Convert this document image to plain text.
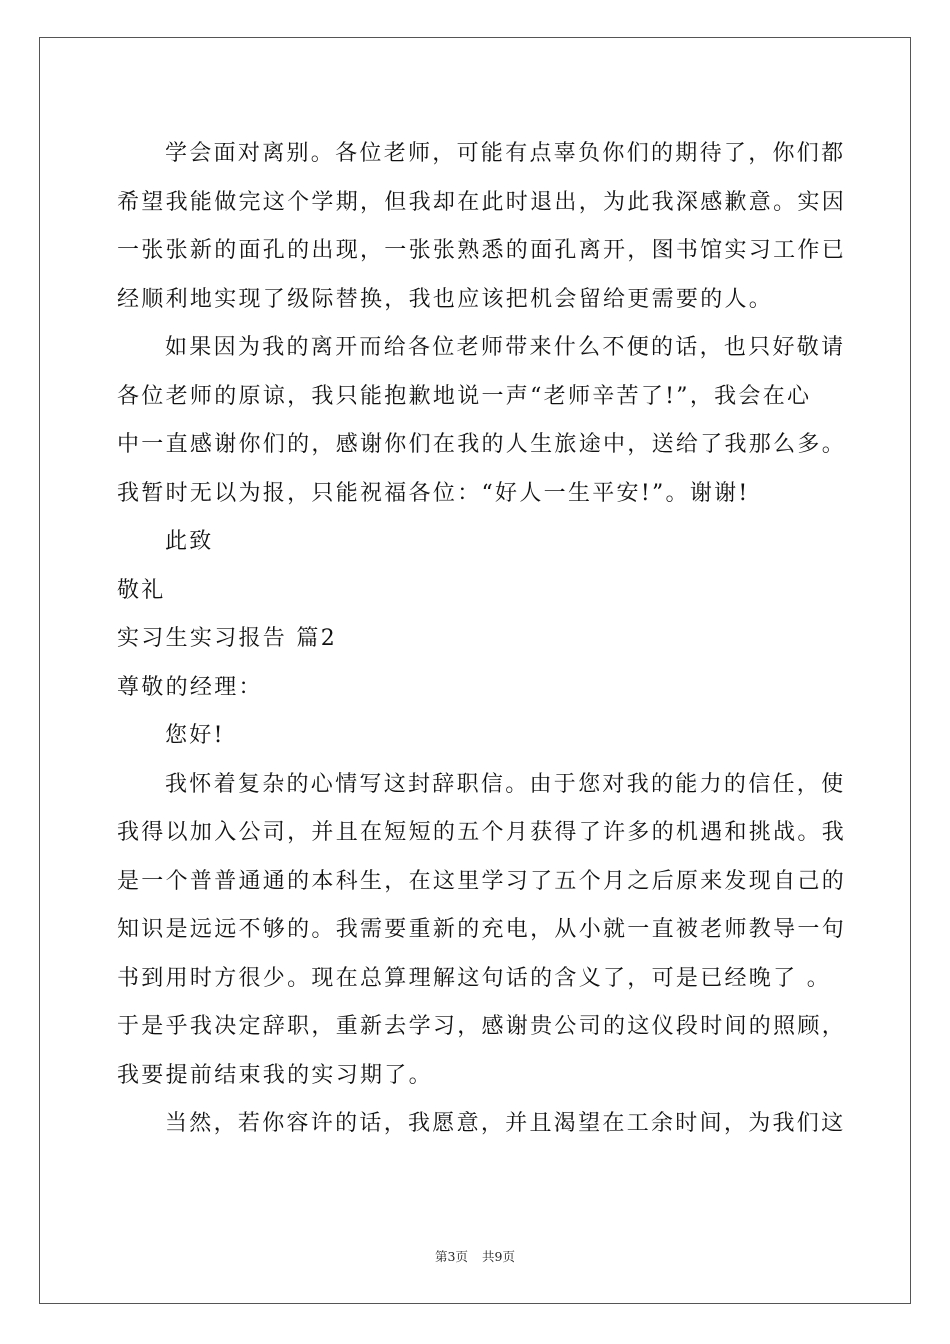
学会面对离别。各位老师，可能有点辜负你们的期待了，你们都
希望我能做完这个学期，但我却在此时退出，为此我深感歉意。实因
一张张新的面孔的出现，一张张熟悉的面孔离开，图书馆实习工作已
经顺利地实现了级际替换，我也应该把机会留给更需要的人。
如果因为我的离开而给各位老师带来什么不便的话，也只好敬请
各位老师的原谅，我只能抱歉地说一声“老师辛苦了!”，我会在心
中一直感谢你们的，感谢你们在我的人生旅途中，送给了我那么多。
我暂时无以为报，只能祝福各位：“好人一生平安!”。谢谢!
此致
敬礼
实习生实习报告 篇2
尊敬的经理：
您好!
我怀着复杂的心情写这封辞职信。由于您对我的能力的信任，使
我得以加入公司，并且在短短的五个月获得了许多的机遇和挑战。我
是一个普普通通的本科生，在这里学习了五个月之后原来发现自己的
知识是远远不够的。我需要重新的充电，从小就一直被老师教导一句
书到用时方很少。现在总算理解这句话的含义了，可是已经晚了 。
于是乎我决定辞职，重新去学习，感谢贵公司的这仪段时间的照顾，
我要提前结束我的实习期了。
当然，若你容许的话，我愿意，并且渴望在工余时间，为我们这
第3页 共9页
